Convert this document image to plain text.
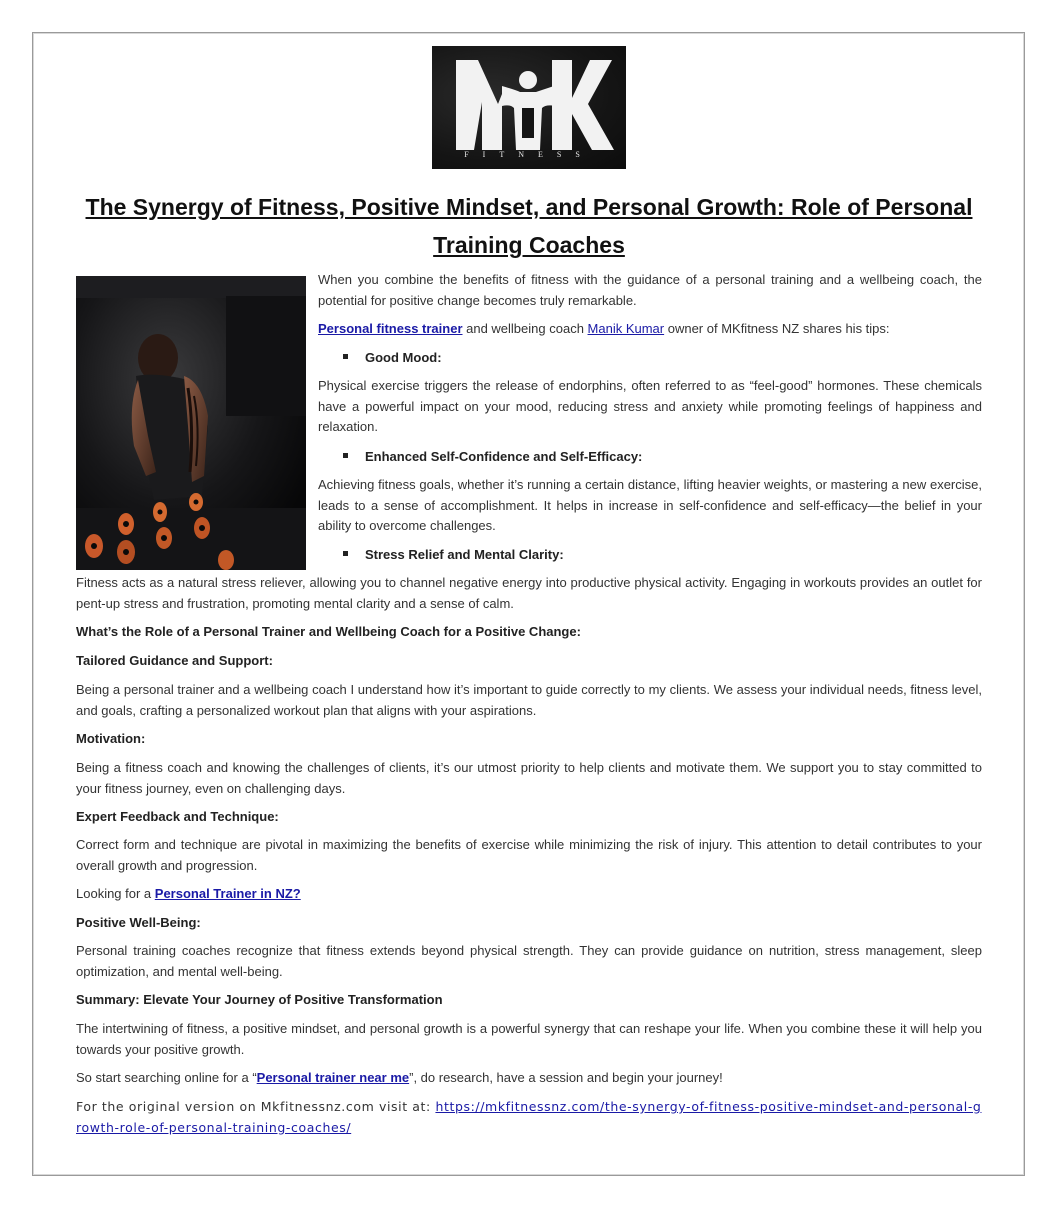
FITNESS
The Synergy of Fitness, Positive Mindset, and Personal Growth: Role of Personal Training Coaches
When you combine the benefits of fitness with the guidance of a personal training and a wellbeing coach, the potential for positive change becomes truly remarkable.
Personal fitness trainer and wellbeing coach Manik Kumar owner of MKfitness NZ shares his tips:
Good Mood:
Physical exercise triggers the release of endorphins, often referred to as “feel-good” hormones. These chemicals have a powerful impact on your mood, reducing stress and anxiety while promoting feelings of happiness and relaxation.
Enhanced Self-Confidence and Self-Efficacy:
Achieving fitness goals, whether it’s running a certain distance, lifting heavier weights, or mastering a new exercise, leads to a sense of accomplishment. It helps in increase in self-confidence and self-efficacy—the belief in your ability to overcome challenges.
Stress Relief and Mental Clarity:
Fitness acts as a natural stress reliever, allowing you to channel negative energy into productive physical activity. Engaging in workouts provides an outlet for pent-up stress and frustration, promoting mental clarity and a sense of calm.
What’s the Role of a Personal Trainer and Wellbeing Coach for a Positive Change:
Tailored Guidance and Support:
Being a personal trainer and a wellbeing coach I understand how it’s important to guide correctly to my clients. We assess your individual needs, fitness level, and goals, crafting a personalized workout plan that aligns with your aspirations.
Motivation:
Being a fitness coach and knowing the challenges of clients, it’s our utmost priority to help clients and motivate them. We support you to stay committed to your fitness journey, even on challenging days.
Expert Feedback and Technique:
Correct form and technique are pivotal in maximizing the benefits of exercise while minimizing the risk of injury. This attention to detail contributes to your overall growth and progression.
Looking for a Personal Trainer in NZ?
Positive Well-Being:
Personal training coaches recognize that fitness extends beyond physical strength. They can provide guidance on nutrition, stress management, sleep optimization, and mental well-being.
Summary: Elevate Your Journey of Positive Transformation
The intertwining of fitness, a positive mindset, and personal growth is a powerful synergy that can reshape your life. When you combine these it will help you towards your positive growth.
So start searching online for a “Personal trainer near me”, do research, have a session and begin your journey!
For the original version on Mkfitnessnz.com visit at: https://mkfitnessnz.com/the-synergy-of-fitness-positive-mindset-and-personal-growth-role-of-personal-training-coaches/
